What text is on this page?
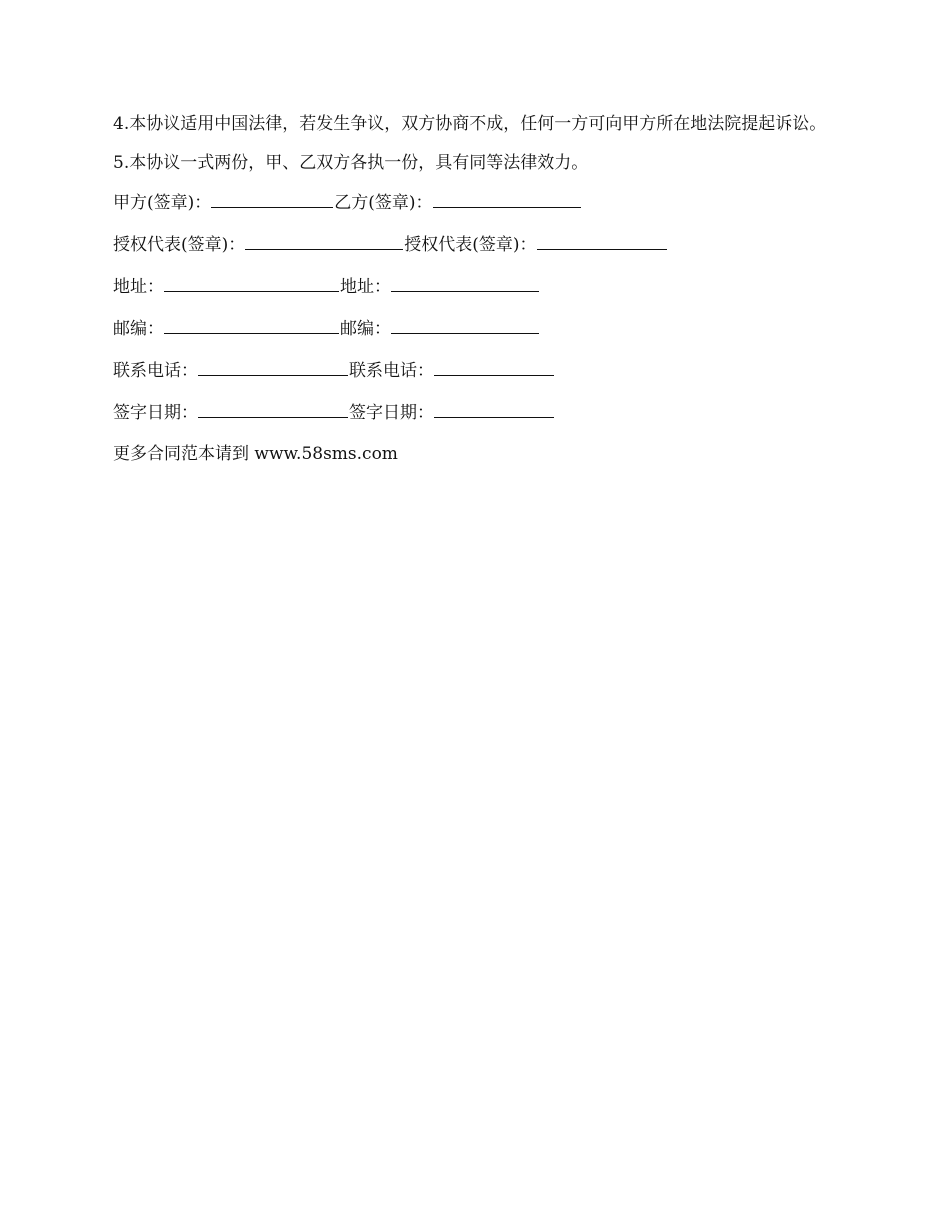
4.本协议适用中国法律，若发生争议，双方协商不成，任何一方可向甲方所在地法院提起诉讼。

5.本协议一式两份，甲、乙双方各执一份，具有同等法律效力。

甲方(签章)：	乙方(签章)：
授权代表(签章)：	授权代表(签章)：
地址：	地址：
邮编：	邮编：
联系电话：	联系电话：
签字日期：	签字日期：

更多合同范本请到 www.58sms.com
